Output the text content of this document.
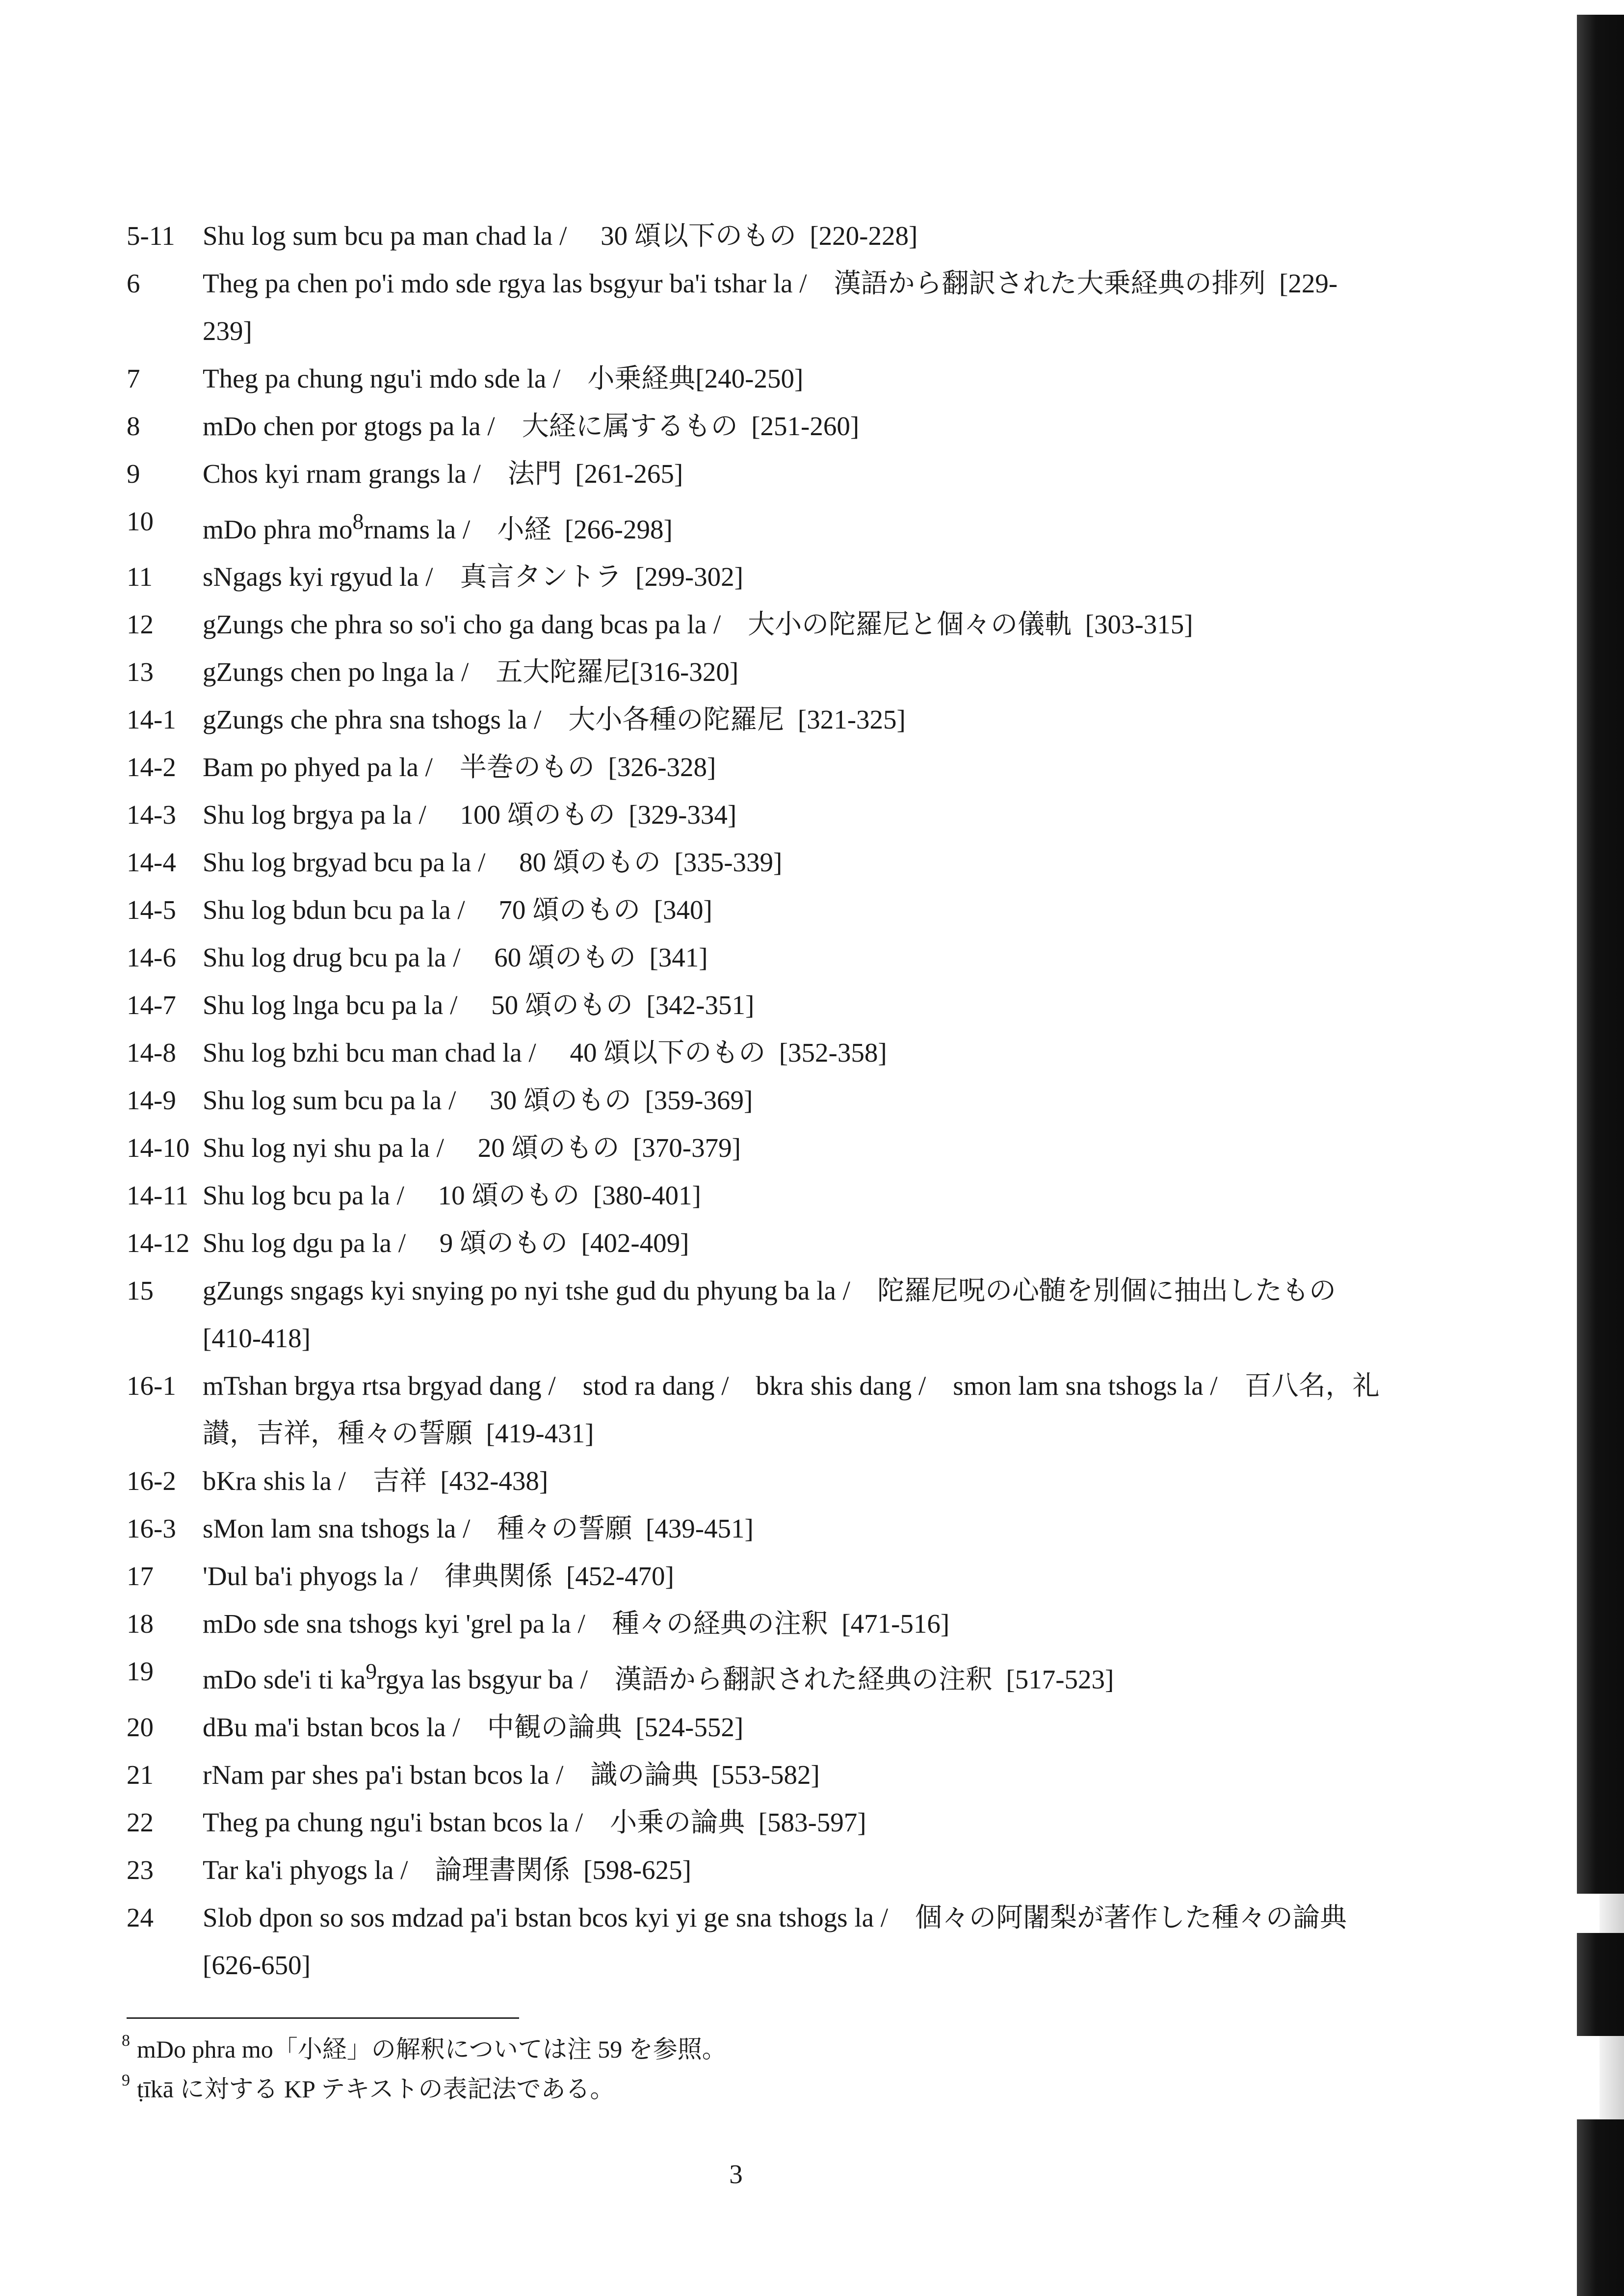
5-11	Shu log sum bcu pa man chad la /  30 頌以下のもの [220-228]
6	Theg pa chen po'i mdo sde rgya las bsgyur ba'i tshar la / 漢語から翻訳された大乗経典の排列 [229-239]
7	Theg pa chung ngu'i mdo sde la / 小乗経典[240-250]
8	mDo chen por gtogs pa la / 大経に属するもの [251-260]
9	Chos kyi rnam grangs la / 法門 [261-265]
10	mDo phra $mo^8rnams$ la / 小経 [266-298]
11	sNgags kyi rgyud la / 真言タントラ [299-302]
12	gZungs che phra so so'i cho ga dang bcas pa la / 大小の陀羅尼と個々の儀軌 [303-315]
13	gZungs chen po lnga la / 五大陀羅尼[316-320]
14-1 gZungs che phra sna tshogs la / 大小各種の陀羅尼 [321-325]
14-2 Bam po phyed pa la / 半巻のもの [326-328]
14-3 Shu log brgya pa la /  100 頌のもの [329-334]
14-4 Shu log brgyad bcu pa la /  80 頌のもの [335-339]
14-5 Shu log bdun bcu pa la /  70 頌のもの [340]
14-6 Shu log drug bcu pa la /  60 頌のもの [341]
14-7 Shu log lnga bcu pa la /  50 頌のもの [342-351]
14-8 Shu log bzhi bcu man chad la /  40 頌以下のもの [352-358]
14-9 Shu log sum bcu pa la /  30 頌のもの [359-369]
14-10 Shu log nyi shu pa la /  20 頌のもの [370-379]
14-11 Shu log bcu pa la /  10 頌のもの [380-401]
14-12 Shu log dgu pa la /  9 頌のもの [402-409]
15	gZungs sngags kyi snying po nyi tshe gud du phyung ba la / 陀羅尼呪の心髄を別個に抽出したもの [410-418]
16-1 mTshan brgya rtsa brgyad dang / stod ra dang / bkra shis dang / smon lam sna tshogs la / 百八名，礼讃，吉祥，種々の誓願 [419-431]
16-2 bKra shis la / 吉祥 [432-438]
16-3 sMon lam sna tshogs la / 種々の誓願 [439-451]
17	'Dul ba'i phyogs la / 律典関係 [452-470]
18	mDo sde sna tshogs kyi 'grel pa la / 種々の経典の注釈 [471-516]
19	mDo sde'i ti $ka^9rgya$ las bsgyur ba / 漢語から翻訳された経典の注釈 [517-523]
20	dBu ma'i bstan bcos la / 中観の論典 [524-552]
21	rNam par shes pa'i bstan bcos la / 識の論典 [553-582]
22	Theg pa chung ngu'i bstan bcos la / 小乗の論典 [583-597]
23	Tar ka'i phyogs la / 論理書関係 [598-625]
24	Slob dpon so sos mdzad pa'i bstan bcos kyi yi ge sna tshogs la / 個々の阿闍梨が著作した種々の論典 [626-650]
$^8$ mDo phra mo「小経」の解釈については注 59 を参照。
$^9$ ṭīkā に対する KP テキストの表記法である。
3
